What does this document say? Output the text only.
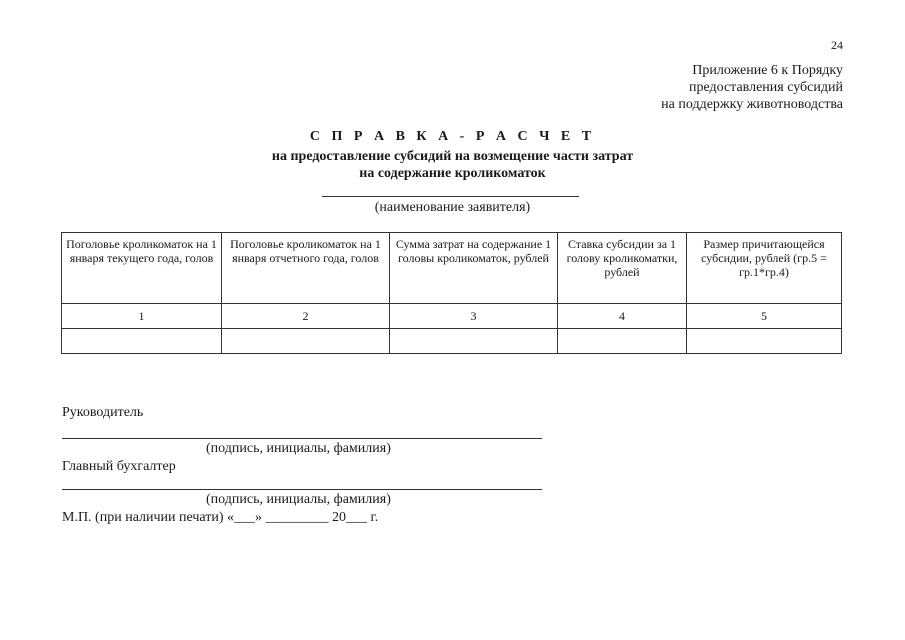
24
Приложение 6 к Порядку
предоставления субсидий
на поддержку животноводства
С П Р А В К А - Р А С Ч Е Т
на предоставление субсидий на возмещение части затрат
на содержание кроликоматок
(наименование заявителя)
Поголовье кроликоматок на 1 января текущего года, голов	Поголовье кроликоматок на 1 января отчетного года, голов	Сумма затрат на содержание 1 головы кроликоматок, рублей	Ставка субсидии за 1 голову кроликоматки, рублей	Размер причитающейся субсидии, рублей (гр.5 = гр.1*гр.4)
1	2	3	4	5

Руководитель
(подпись, инициалы, фамилия)
Главный бухгалтер
(подпись, инициалы, фамилия)
М.П. (при наличии печати) «___» _________ 20___ г.
